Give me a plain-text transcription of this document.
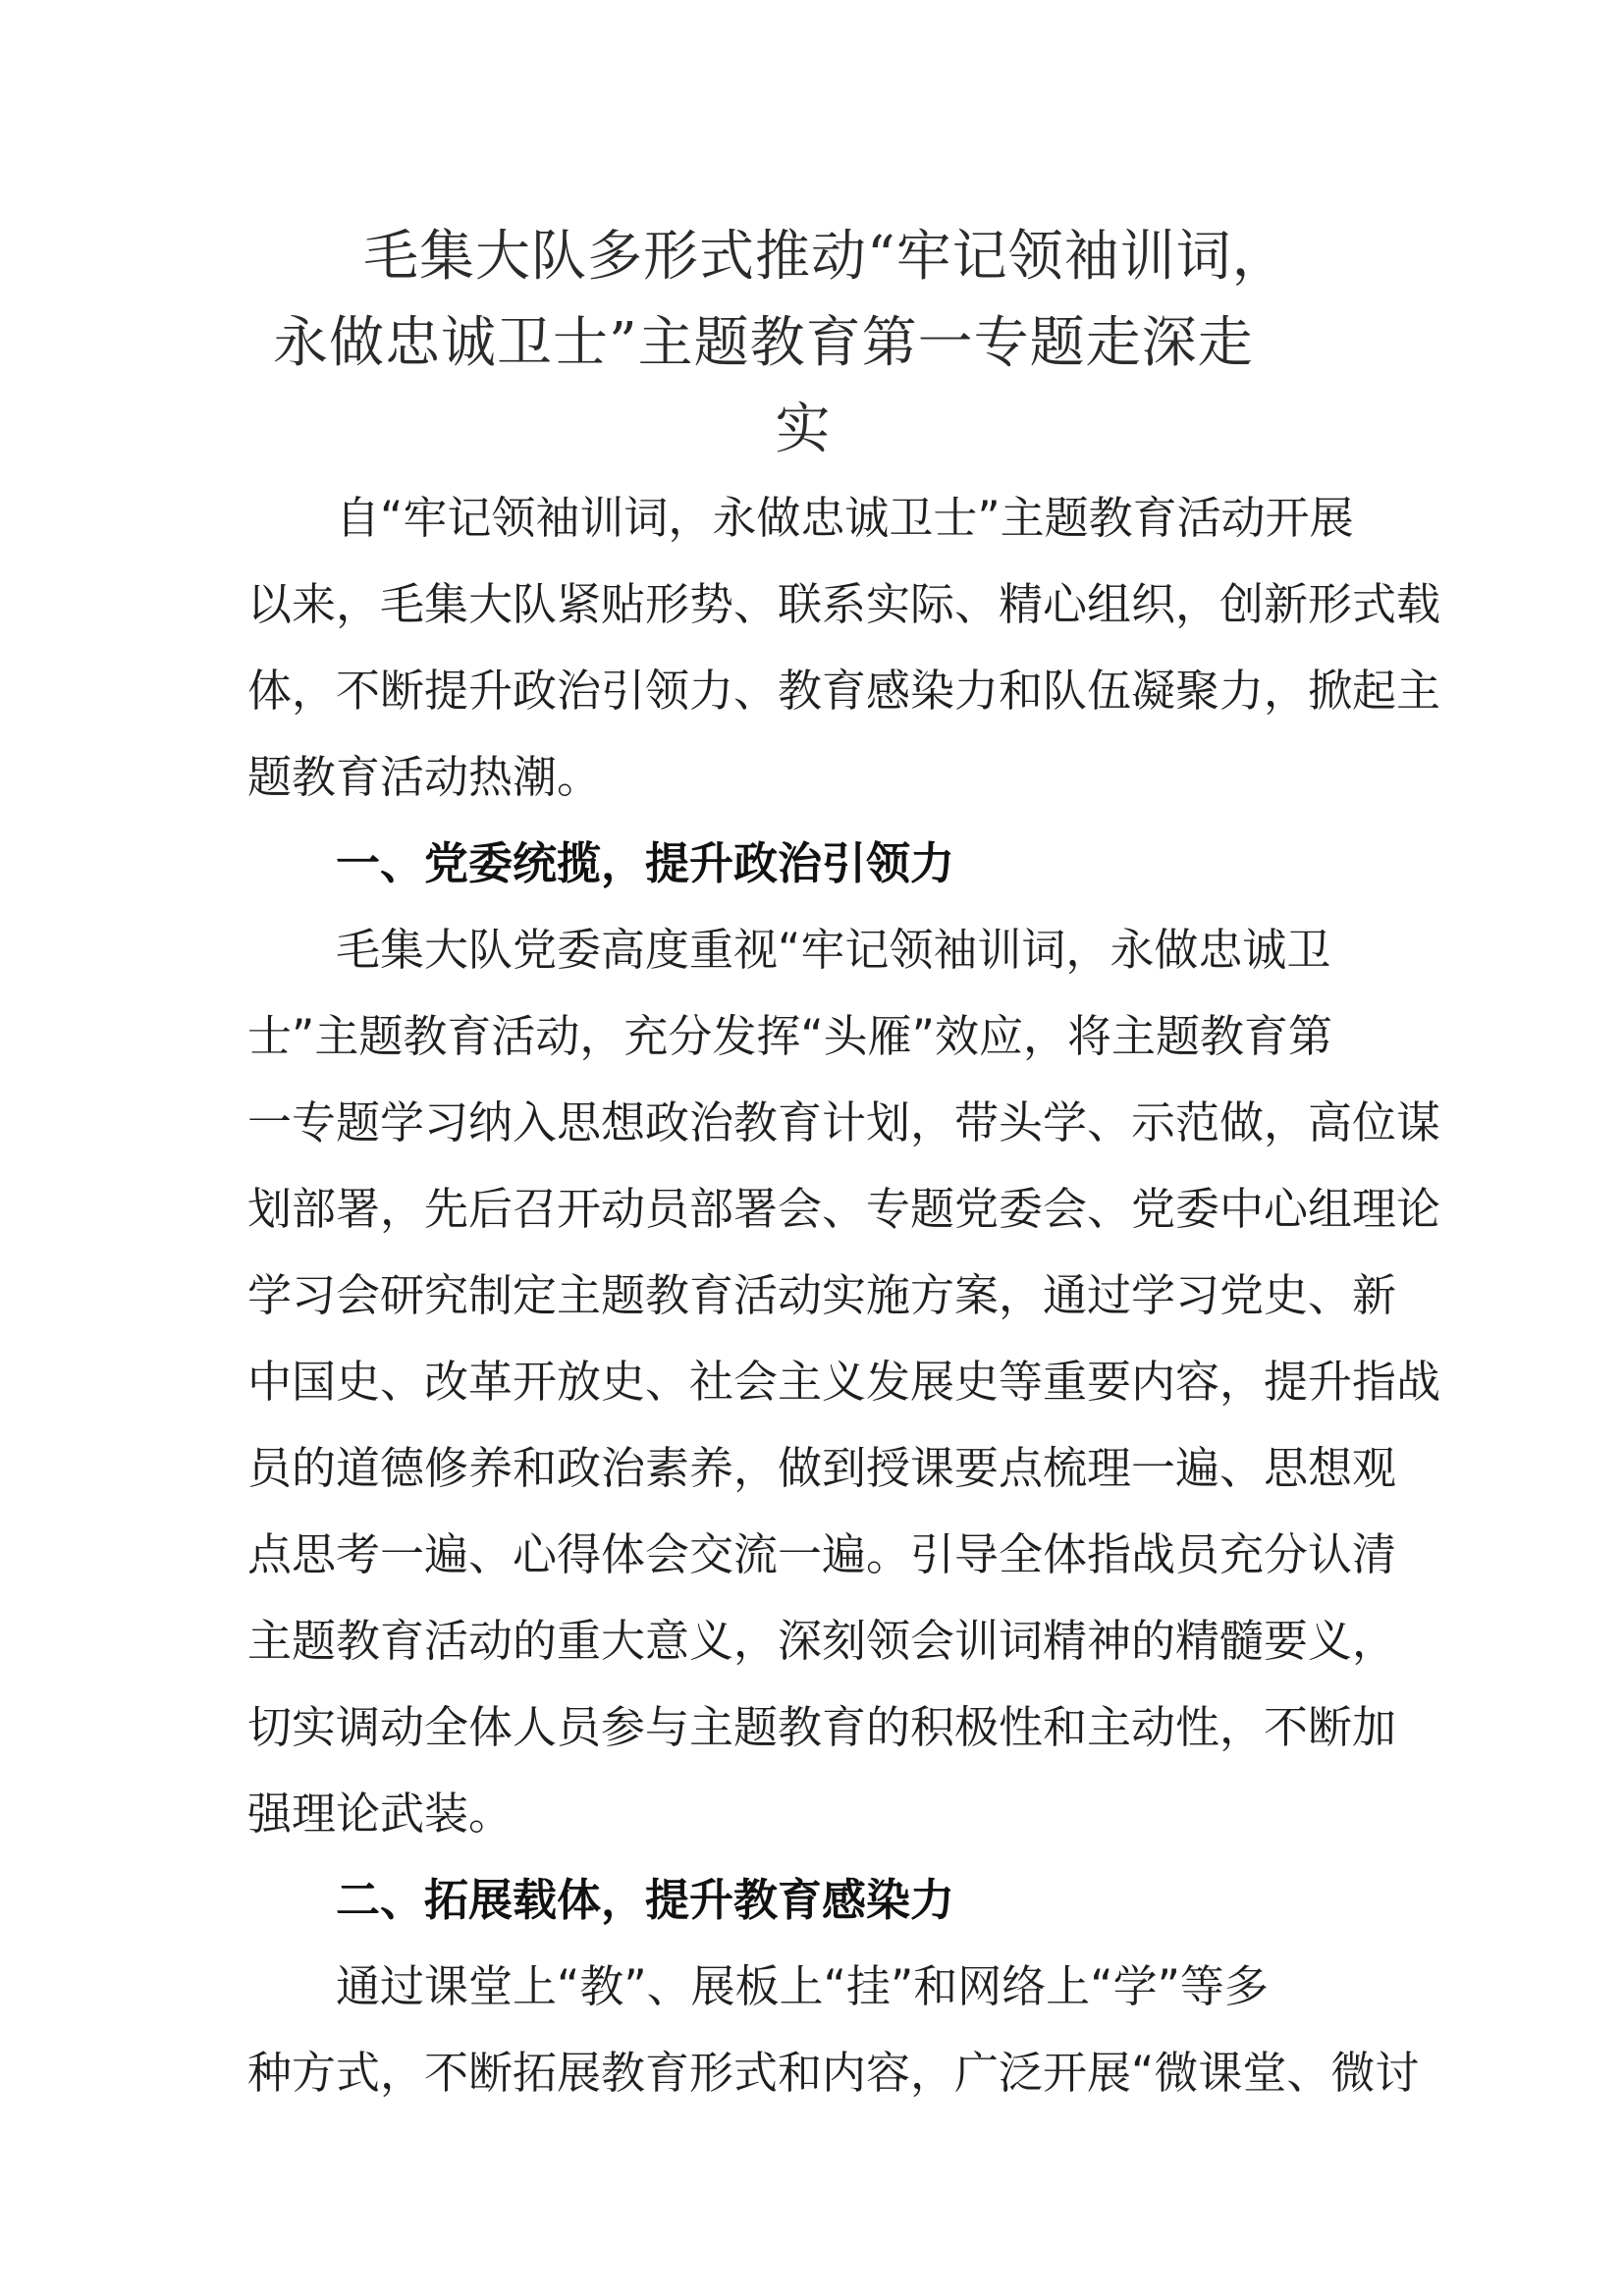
毛集大队多形式推动“牢记领袖训词，
永做忠诚卫士”主题教育第一专题走深走
实
自“牢记领袖训词，永做忠诚卫士”主题教育活动开展
以来，毛集大队紧贴形势、联系实际、精心组织，创新形式载
体，不断提升政治引领力、教育感染力和队伍凝聚力，掀起主
题教育活动热潮。
一、党委统揽，提升政治引领力
毛集大队党委高度重视“牢记领袖训词，永做忠诚卫
士”主题教育活动，充分发挥“头雁”效应，将主题教育第
一专题学习纳入思想政治教育计划，带头学、示范做，高位谋
划部署，先后召开动员部署会、专题党委会、党委中心组理论
学习会研究制定主题教育活动实施方案，通过学习党史、新
中国史、改革开放史、社会主义发展史等重要内容，提升指战
员的道德修养和政治素养，做到授课要点梳理一遍、思想观
点思考一遍、心得体会交流一遍。引导全体指战员充分认清
主题教育活动的重大意义，深刻领会训词精神的精髓要义，
切实调动全体人员参与主题教育的积极性和主动性，不断加
强理论武装。
二、拓展载体，提升教育感染力
通过课堂上“教”、展板上“挂”和网络上“学”等多
种方式，不断拓展教育形式和内容，广泛开展“微课堂、微讨
